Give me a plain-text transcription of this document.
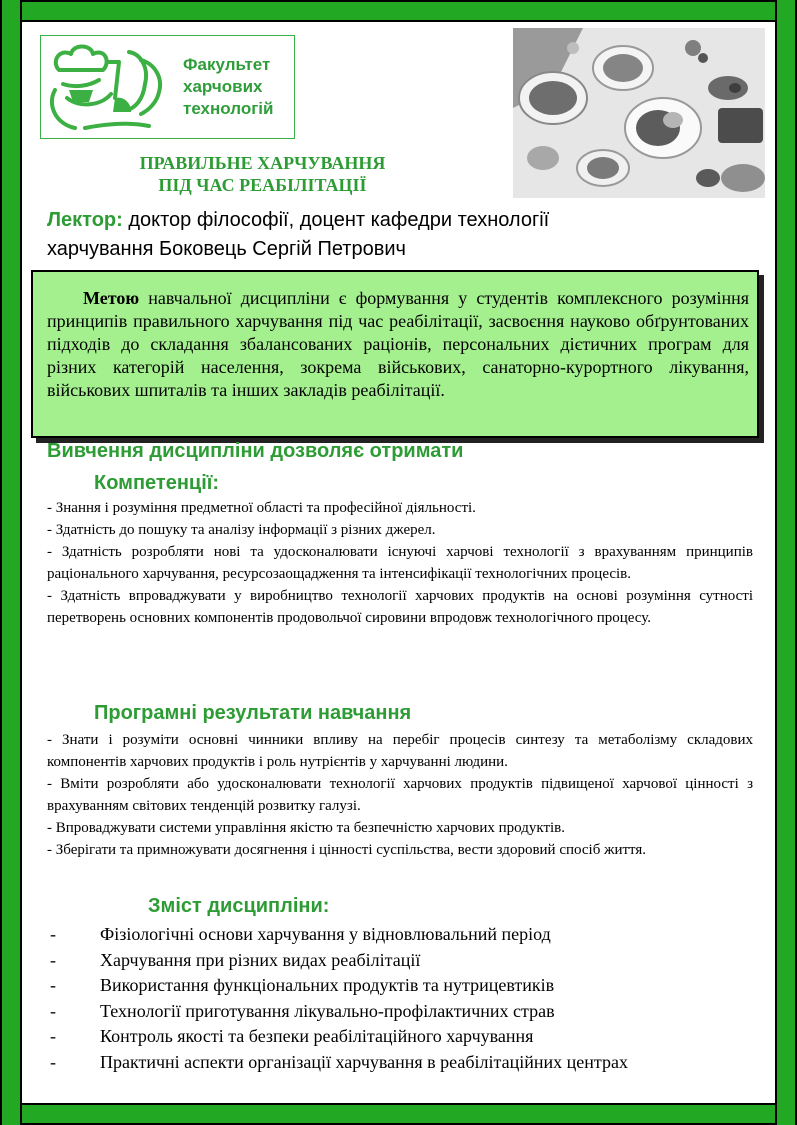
Факультет
харчових
технологій
ПРАВИЛЬНЕ ХАРЧУВАННЯ
ПІД ЧАС РЕАБІЛІТАЦІЇ
Лектор: доктор філософії, доцент кафедри технології
харчування Боковець Сергій Петрович

Метою навчальної дисципліни є формування у студентів комплексного розуміння принципів правильного харчування під час реабілітації, засвоєння науково обґрунтованих підходів до складання збалансованих раціонів, персональних дієтичних програм для різних категорій населення, зокрема військових, санаторно-курортного лікування, військових шпиталів та інших закладів реабілітації.

Вивчення дисципліни дозволяє отримати
Компетенції:

- Знання і розуміння предметної області та професійної діяльності.

- Здатність до пошуку та аналізу інформації з різних джерел.

- Здатність розробляти нові та удосконалювати існуючі харчові технології з врахуванням принципів раціонального харчування, ресурсозаощадження та інтенсифікації технологічних процесів.

- Здатність впроваджувати у виробництво технології харчових продуктів на основі розуміння сутності перетворень основних компонентів продовольчої сировини впродовж технологічного процесу.

Програмні результати навчання

- Знати і розуміти основні чинники впливу на перебіг процесів синтезу та метаболізму складових компонентів харчових продуктів і роль нутрієнтів у харчуванні людини.

- Вміти розробляти або удосконалювати технології харчових продуктів підвищеної харчової цінності з врахуванням світових тенденцій розвитку галузі.

- Впроваджувати системи управління якістю та безпечністю харчових продуктів.

- Зберігати та примножувати досягнення і цінності суспільства, вести здоровий спосіб життя.

Зміст дисципліни:
- Фізіологічні основи харчування у відновлювальний період
- Харчування при різних видах реабілітації
- Використання функціональних продуктів та нутрицевтиків
- Технології приготування лікувально-профілактичних страв
- Контроль якості та безпеки реабілітаційного харчування
- Практичні аспекти організації харчування в реабілітаційних центрах
